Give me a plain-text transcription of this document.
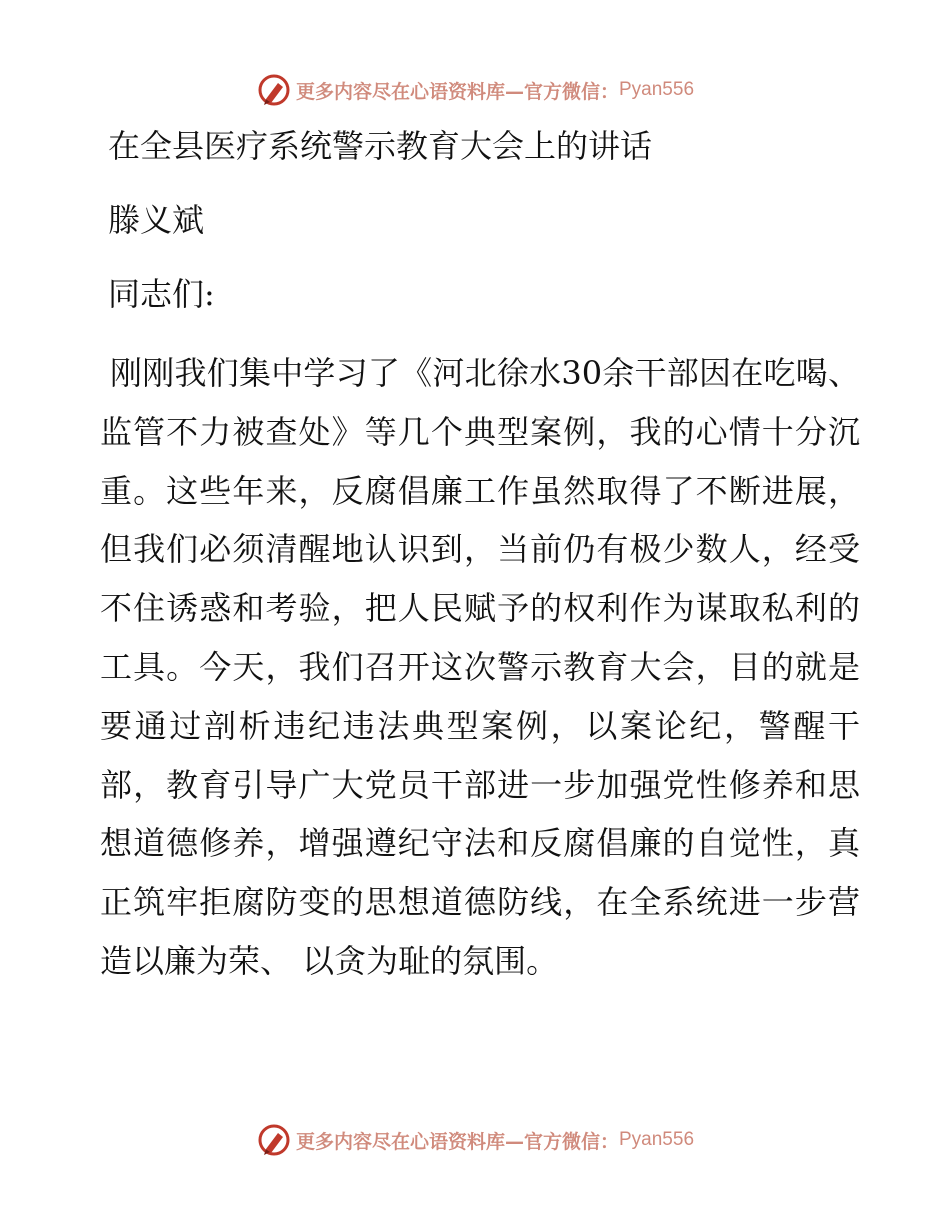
更多内容尽在心语资料库—官方微信： Pyan556
在全县医疗系统警示教育大会上的讲话
滕义斌
同志们:
刚刚我们集中学习了《河北徐水30余干部因在吃喝、监管不力被查处》等几个典型案例，我的心情十分沉重。这些年来，反腐倡廉工作虽然取得了不断进展，但我们必须清醒地认识到，当前仍有极少数人，经受不住诱惑和考验，把人民赋予的权利作为谋取私利的工具。今天，我们召开这次警示教育大会，目的就是要通过剖析违纪违法典型案例，以案论纪，警醒干部，教育引导广大党员干部进一步加强党性修养和思想道德修养，增强遵纪守法和反腐倡廉的自觉性，真正筑牢拒腐防变的思想道德防线，在全系统进一步营造以廉为荣、 以贪为耻的氛围。
更多内容尽在心语资料库—官方微信： Pyan556
